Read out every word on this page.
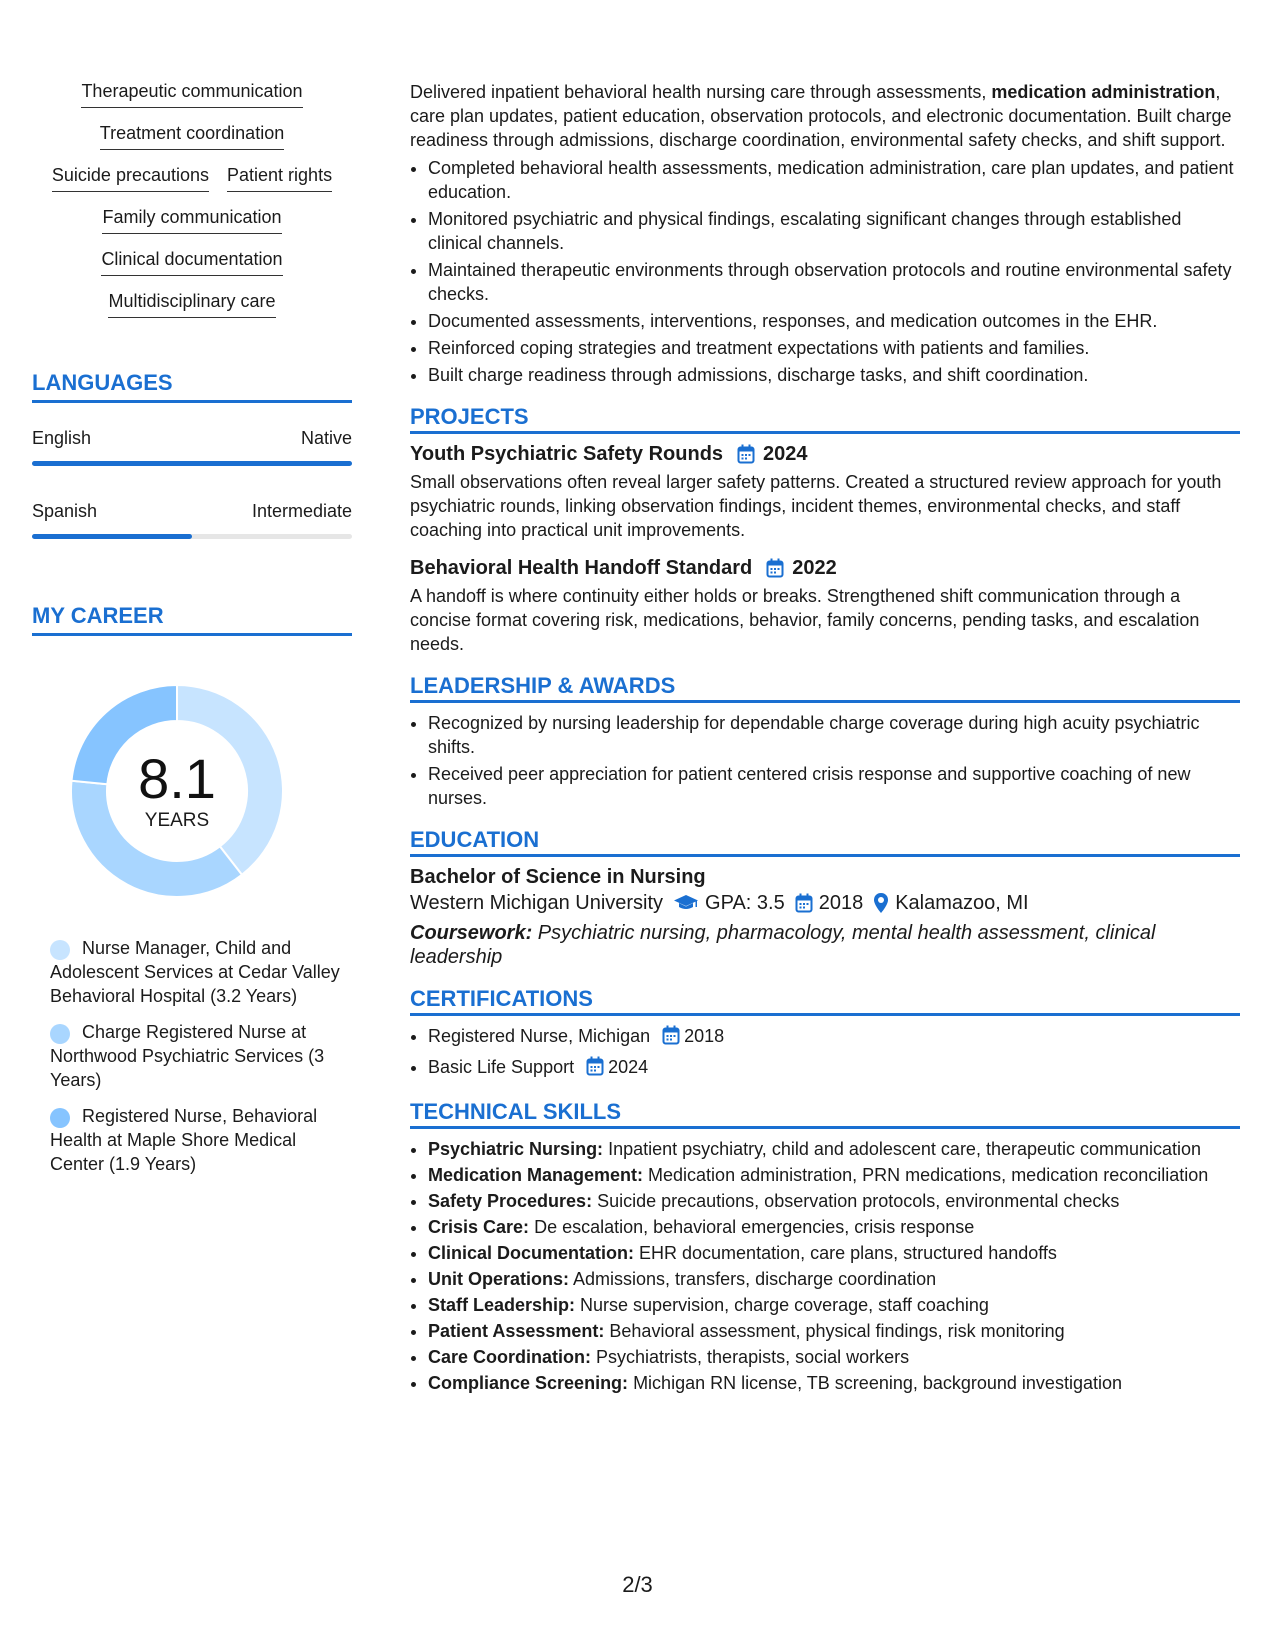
Therapeutic communication
Treatment coordination
Suicide precautions Patient rights
Family communication
Clinical documentation
Multidisciplinary care
LANGUAGES
English	Native
Spanish	Intermediate
MY CAREER
8.1
YEARS
Nurse Manager, Child and Adolescent Services at Cedar Valley Behavioral Hospital (3.2 Years)
Charge Registered Nurse at Northwood Psychiatric Services (3 Years)
Registered Nurse, Behavioral Health at Maple Shore Medical Center (1.9 Years)

Delivered inpatient behavioral health nursing care through assessments, medication administration, care plan updates, patient education, observation protocols, and electronic documentation. Built charge readiness through admissions, discharge coordination, environmental safety checks, and shift support.

• Completed behavioral health assessments, medication administration, care plan updates, and patient education.
• Monitored psychiatric and physical findings, escalating significant changes through established clinical channels.
• Maintained therapeutic environments through observation protocols and routine environmental safety checks.
• Documented assessments, interventions, responses, and medication outcomes in the EHR.
• Reinforced coping strategies and treatment expectations with patients and families.
• Built charge readiness through admissions, discharge tasks, and shift coordination.
PROJECTS
Youth Psychiatric Safety Rounds 2024

Small observations often reveal larger safety patterns. Created a structured review approach for youth psychiatric rounds, linking observation findings, incident themes, environmental checks, and staff coaching into practical unit improvements.

Behavioral Health Handoff Standard 2022

A handoff is where continuity either holds or breaks. Strengthened shift communication through a concise format covering risk, medications, behavior, family concerns, pending tasks, and escalation needs.

LEADERSHIP & AWARDS
• Recognized by nursing leadership for dependable charge coverage during high acuity psychiatric shifts.
• Received peer appreciation for patient centered crisis response and supportive coaching of new nurses.
EDUCATION
Bachelor of Science in Nursing
Western Michigan University GPA: 3.5 2018 Kalamazoo, MI
Coursework: Psychiatric nursing, pharmacology, mental health assessment, clinical leadership
CERTIFICATIONS
• Registered Nurse, Michigan 2018
• Basic Life Support 2024
TECHNICAL SKILLS
• Psychiatric Nursing: Inpatient psychiatry, child and adolescent care, therapeutic communication
• Medication Management: Medication administration, PRN medications, medication reconciliation
• Safety Procedures: Suicide precautions, observation protocols, environmental checks
• Crisis Care: De escalation, behavioral emergencies, crisis response
• Clinical Documentation: EHR documentation, care plans, structured handoffs
• Unit Operations: Admissions, transfers, discharge coordination
• Staff Leadership: Nurse supervision, charge coverage, staff coaching
• Patient Assessment: Behavioral assessment, physical findings, risk monitoring
• Care Coordination: Psychiatrists, therapists, social workers
• Compliance Screening: Michigan RN license, TB screening, background investigation
2/3
